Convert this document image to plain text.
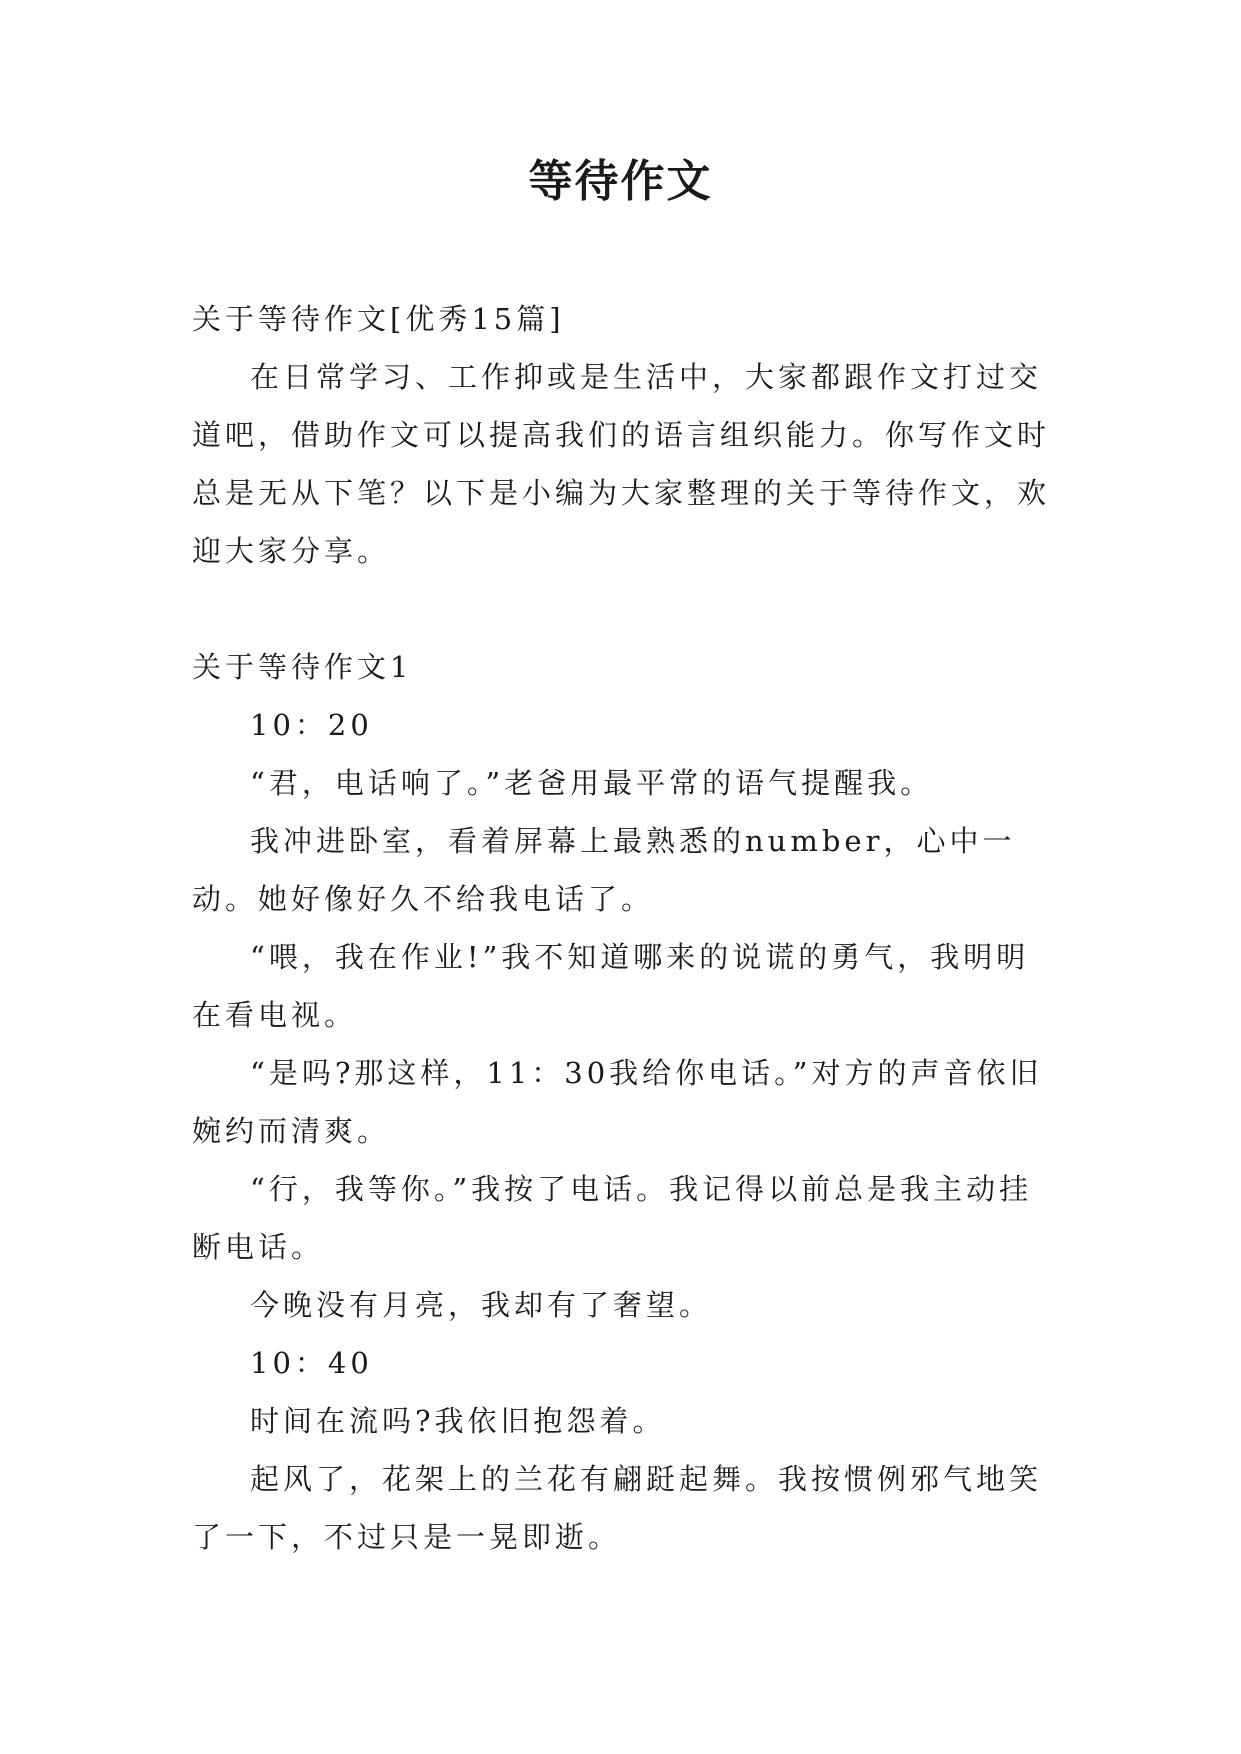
等待作文

关于等待作文[优秀15篇]

在日常学习、工作抑或是生活中，大家都跟作文打过交道吧，借助作文可以提高我们的语言组织能力。你写作文时总是无从下笔？以下是小编为大家整理的关于等待作文，欢迎大家分享。

关于等待作文1

10：20

“君，电话响了。”老爸用最平常的语气提醒我。

我冲进卧室，看着屏幕上最熟悉的number，心中一动。她好像好久不给我电话了。

“喂，我在作业!”我不知道哪来的说谎的勇气，我明明在看电视。

“是吗?那这样，11：30我给你电话。”对方的声音依旧婉约而清爽。

“行，我等你。”我按了电话。我记得以前总是我主动挂断电话。

今晚没有月亮，我却有了奢望。

10：40

时间在流吗?我依旧抱怨着。

起风了，花架上的兰花有翩跹起舞。我按惯例邪气地笑了一下，不过只是一晃即逝。
